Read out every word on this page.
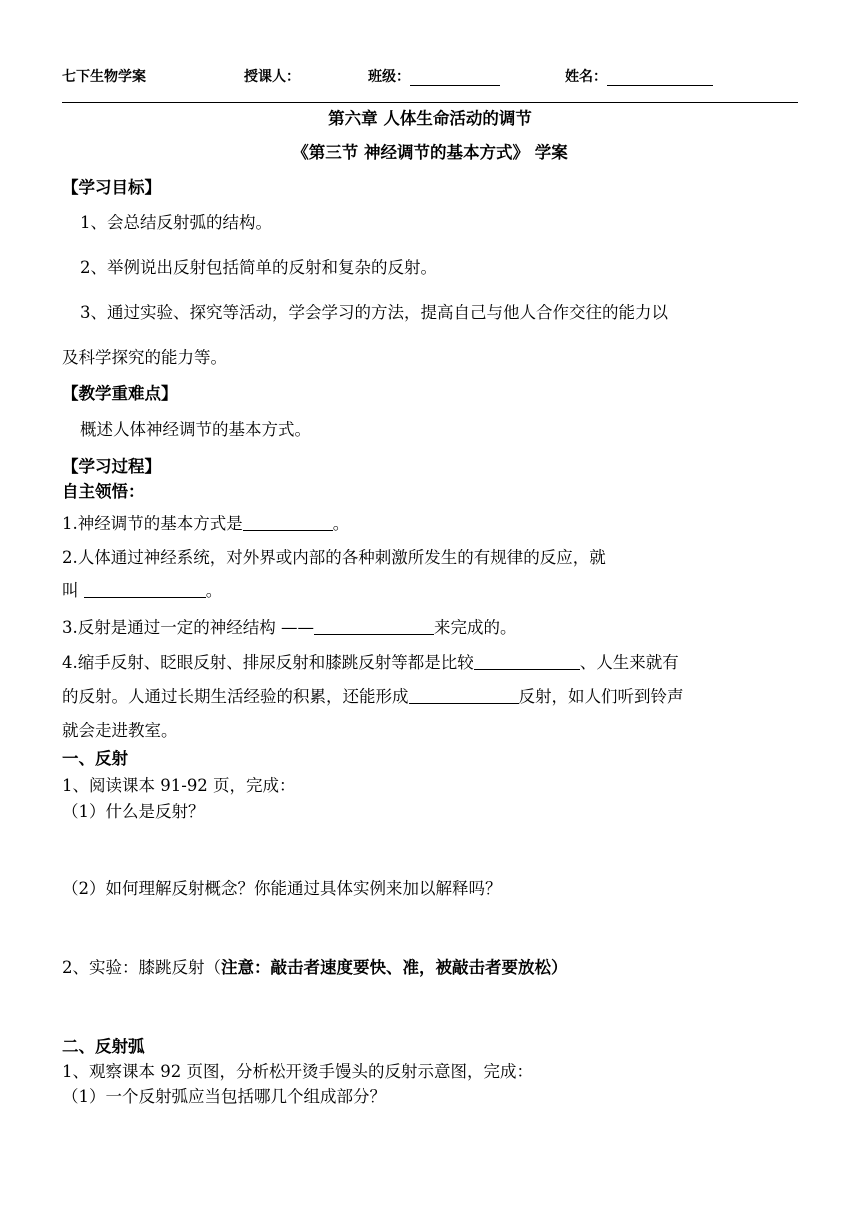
七下生物学案	授课人：	班级：	姓名：
第六章 人体生命活动的调节
《第三节 神经调节的基本方式》 学案
【学习目标】
1、会总结反射弧的结构。
2、举例说出反射包括简单的反射和复杂的反射。
3、通过实验、探究等活动，学会学习的方法，提高自己与他人合作交往的能力以
及科学探究的能力等。
【教学重难点】
概述人体神经调节的基本方式。
【学习过程】
自主领悟：
1.神经调节的基本方式是	。
2.人体通过神经系统，对外界或内部的各种刺激所发生的有规律的反应，就
叫	。
3.反射是通过一定的神经结构 ——	来完成的。
4.缩手反射、眨眼反射、排尿反射和膝跳反射等都是比较	、人生来就有
的反射。人通过长期生活经验的积累，还能形成	反射，如人们听到铃声
就会走进教室。
一、反射
1、阅读课本 91-92 页，完成：
（1）什么是反射？
（2）如何理解反射概念？你能通过具体实例来加以解释吗？
2、实验：膝跳反射（注意：敲击者速度要快、准，被敲击者要放松）
二、反射弧
1、观察课本 92 页图，分析松开烫手馒头的反射示意图，完成：
（1）一个反射弧应当包括哪几个组成部分？
